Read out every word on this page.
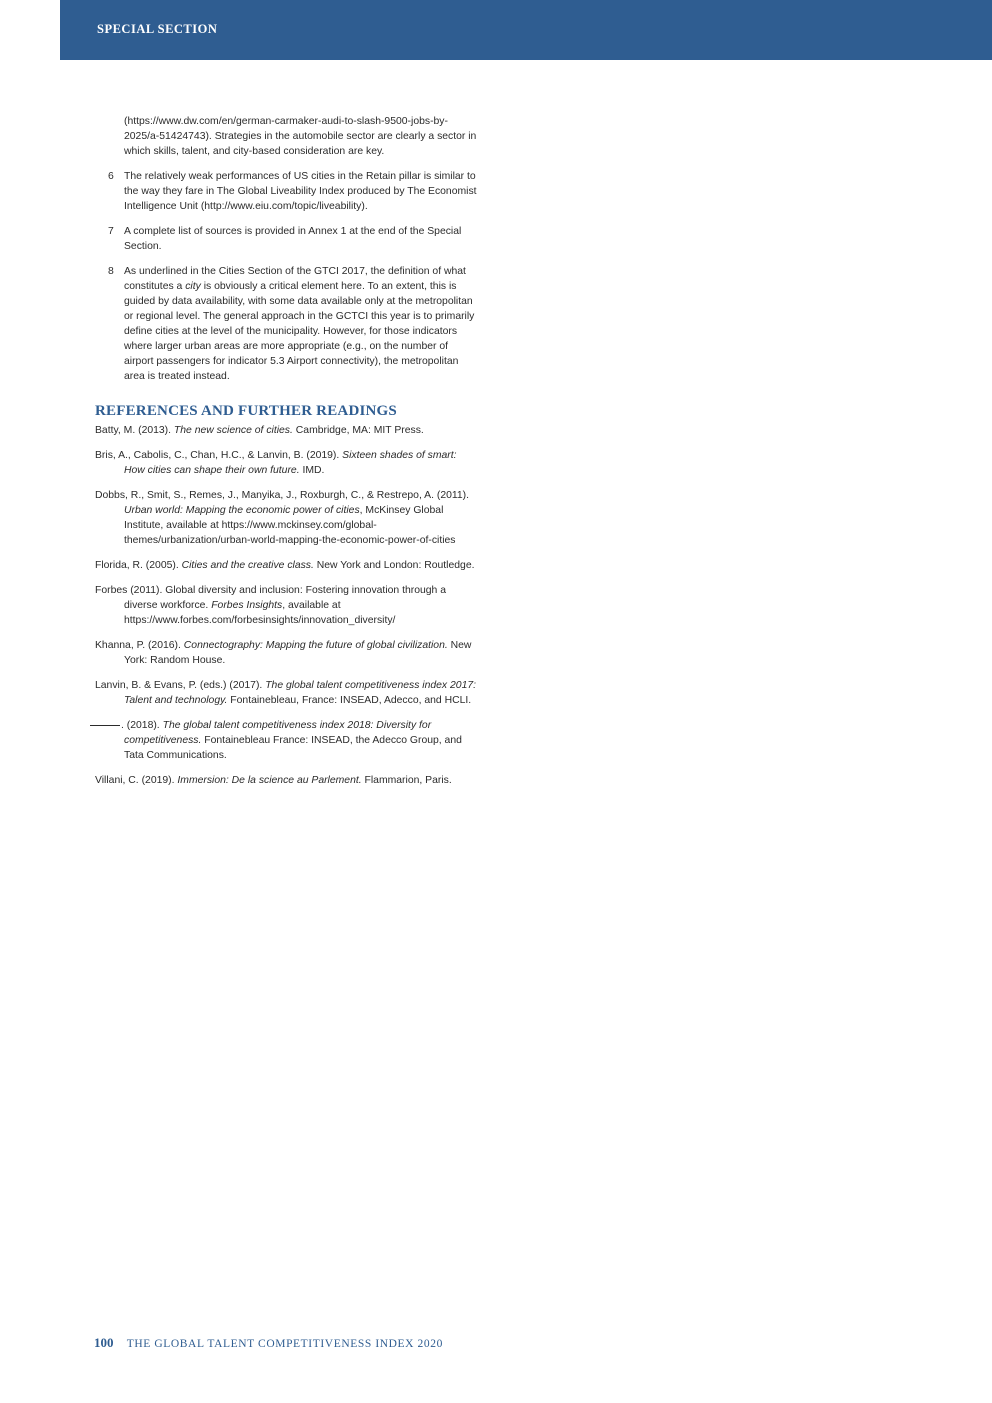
SPECIAL SECTION
(https://www.dw.com/en/german-carmaker-audi-to-slash-9500-jobs-by-2025/a-51424743). Strategies in the automobile sector are clearly a sector in which skills, talent, and city-based consideration are key.
6 The relatively weak performances of US cities in the Retain pillar is similar to the way they fare in The Global Liveability Index produced by The Economist Intelligence Unit (http://www.eiu.com/topic/liveability).
7 A complete list of sources is provided in Annex 1 at the end of the Special Section.
8 As underlined in the Cities Section of the GTCI 2017, the definition of what constitutes a city is obviously a critical element here. To an extent, this is guided by data availability, with some data available only at the metropolitan or regional level. The general approach in the GCTCI this year is to primarily define cities at the level of the municipality. However, for those indicators where larger urban areas are more appropriate (e.g., on the number of airport passengers for indicator 5.3 Airport connectivity), the metropolitan area is treated instead.
REFERENCES AND FURTHER READINGS
Batty, M. (2013). The new science of cities. Cambridge, MA: MIT Press.
Bris, A., Cabolis, C., Chan, H.C., & Lanvin, B. (2019). Sixteen shades of smart: How cities can shape their own future. IMD.
Dobbs, R., Smit, S., Remes, J., Manyika, J., Roxburgh, C., & Restrepo, A. (2011). Urban world: Mapping the economic power of cities, McKinsey Global Institute, available at https://www.mckinsey.com/global-themes/urbanization/urban-world-mapping-the-economic-power-of-cities
Florida, R. (2005). Cities and the creative class. New York and London: Routledge.
Forbes (2011). Global diversity and inclusion: Fostering innovation through a diverse workforce. Forbes Insights, available at https://www.forbes.com/forbesinsights/innovation_diversity/
Khanna, P. (2016). Connectography: Mapping the future of global civilization. New York: Random House.
Lanvin, B. & Evans, P. (eds.) (2017). The global talent competitiveness index 2017: Talent and technology. Fontainebleau, France: INSEAD, Adecco, and HCLI.
. (2018). The global talent competitiveness index 2018: Diversity for competitiveness. Fontainebleau France: INSEAD, the Adecco Group, and Tata Communications.
Villani, C. (2019). Immersion: De la science au Parlement. Flammarion, Paris.
100 THE GLOBAL TALENT COMPETITIVENESS INDEX 2020
